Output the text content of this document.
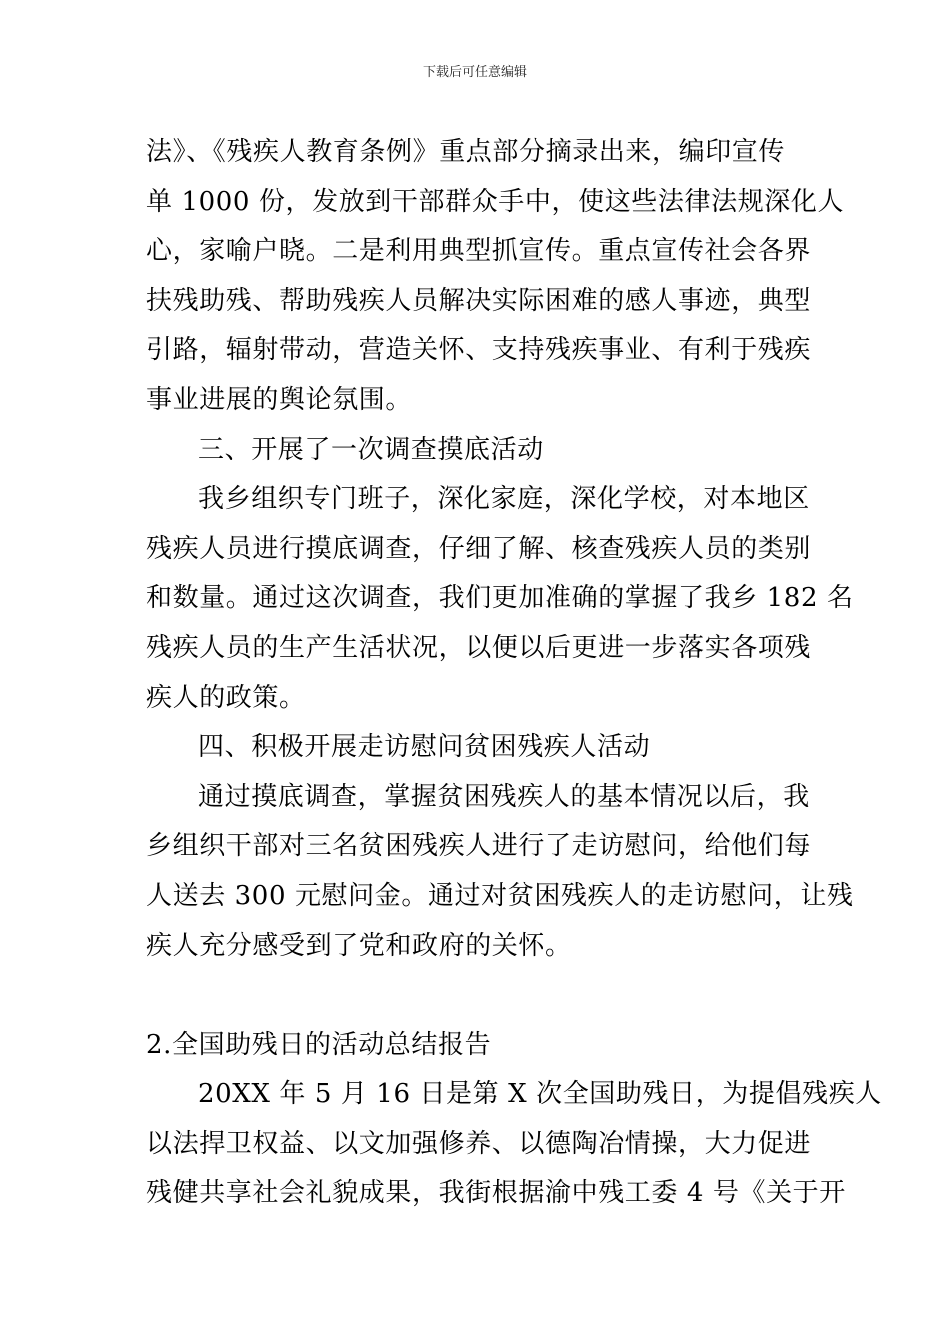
下载后可任意编辑
法》、《残疾人教育条例》重点部分摘录出来，编印宣传
单 1000 份，发放到干部群众手中，使这些法律法规深化人
心，家喻户晓。二是利用典型抓宣传。重点宣传社会各界
扶残助残、帮助残疾人员解决实际困难的感人事迹，典型
引路，辐射带动，营造关怀、支持残疾事业、有利于残疾
事业进展的舆论氛围。
三、开展了一次调查摸底活动
我乡组织专门班子，深化家庭，深化学校，对本地区
残疾人员进行摸底调查，仔细了解、核查残疾人员的类别
和数量。通过这次调查，我们更加准确的掌握了我乡 182 名
残疾人员的生产生活状况，以便以后更进一步落实各项残
疾人的政策。
四、积极开展走访慰问贫困残疾人活动
通过摸底调查，掌握贫困残疾人的基本情况以后，我
乡组织干部对三名贫困残疾人进行了走访慰问，给他们每
人送去 300 元慰问金。通过对贫困残疾人的走访慰问，让残
疾人充分感受到了党和政府的关怀。
2.全国助残日的活动总结报告
20XX 年 5 月 16 日是第 X 次全国助残日，为提倡残疾人
以法捍卫权益、以文加强修养、以德陶冶情操，大力促进
残健共享社会礼貌成果，我街根据渝中残工委 4 号《关于开
